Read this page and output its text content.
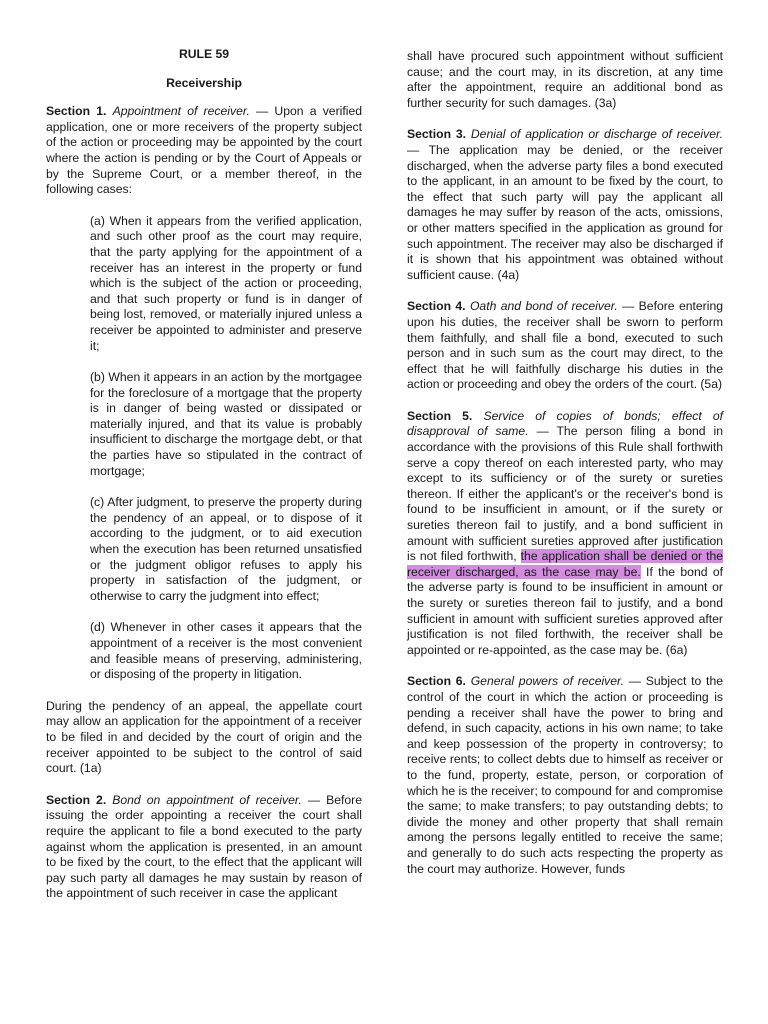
RULE 59

Receivership

Section 1. Appointment of receiver. — Upon a verified application, one or more receivers of the property subject of the action or proceeding may be appointed by the court where the action is pending or by the Court of Appeals or by the Supreme Court, or a member thereof, in the following cases:

(a) When it appears from the verified application, and such other proof as the court may require, that the party applying for the appointment of a receiver has an interest in the property or fund which is the subject of the action or proceeding, and that such property or fund is in danger of being lost, removed, or materially injured unless a receiver be appointed to administer and preserve it;

(b) When it appears in an action by the mortgagee for the foreclosure of a mortgage that the property is in danger of being wasted or dissipated or materially injured, and that its value is probably insufficient to discharge the mortgage debt, or that the parties have so stipulated in the contract of mortgage;

(c) After judgment, to preserve the property during the pendency of an appeal, or to dispose of it according to the judgment, or to aid execution when the execution has been returned unsatisfied or the judgment obligor refuses to apply his property in satisfaction of the judgment, or otherwise to carry the judgment into effect;

(d) Whenever in other cases it appears that the appointment of a receiver is the most convenient and feasible means of preserving, administering, or disposing of the property in litigation.

During the pendency of an appeal, the appellate court may allow an application for the appointment of a receiver to be filed in and decided by the court of origin and the receiver appointed to be subject to the control of said court. (1a)

Section 2. Bond on appointment of receiver. — Before issuing the order appointing a receiver the court shall require the applicant to file a bond executed to the party against whom the application is presented, in an amount to be fixed by the court, to the effect that the applicant will pay such party all damages he may sustain by reason of the appointment of such receiver in case the applicant

shall have procured such appointment without sufficient cause; and the court may, in its discretion, at any time after the appointment, require an additional bond as further security for such damages. (3a)

Section 3. Denial of application or discharge of receiver. — The application may be denied, or the receiver discharged, when the adverse party files a bond executed to the applicant, in an amount to be fixed by the court, to the effect that such party will pay the applicant all damages he may suffer by reason of the acts, omissions, or other matters specified in the application as ground for such appointment. The receiver may also be discharged if it is shown that his appointment was obtained without sufficient cause. (4a)

Section 4. Oath and bond of receiver. — Before entering upon his duties, the receiver shall be sworn to perform them faithfully, and shall file a bond, executed to such person and in such sum as the court may direct, to the effect that he will faithfully discharge his duties in the action or proceeding and obey the orders of the court. (5a)

Section 5. Service of copies of bonds; effect of disapproval of same. — The person filing a bond in accordance with the provisions of this Rule shall forthwith serve a copy thereof on each interested party, who may except to its sufficiency or of the surety or sureties thereon. If either the applicant's or the receiver's bond is found to be insufficient in amount, or if the surety or sureties thereon fail to justify, and a bond sufficient in amount with sufficient sureties approved after justification is not filed forthwith, the application shall be denied or the receiver discharged, as the case may be. If the bond of the adverse party is found to be insufficient in amount or the surety or sureties thereon fail to justify, and a bond sufficient in amount with sufficient sureties approved after justification is not filed forthwith, the receiver shall be appointed or re-appointed, as the case may be. (6a)

Section 6. General powers of receiver. — Subject to the control of the court in which the action or proceeding is pending a receiver shall have the power to bring and defend, in such capacity, actions in his own name; to take and keep possession of the property in controversy; to receive rents; to collect debts due to himself as receiver or to the fund, property, estate, person, or corporation of which he is the receiver; to compound for and compromise the same; to make transfers; to pay outstanding debts; to divide the money and other property that shall remain among the persons legally entitled to receive the same; and generally to do such acts respecting the property as the court may authorize. However, funds
